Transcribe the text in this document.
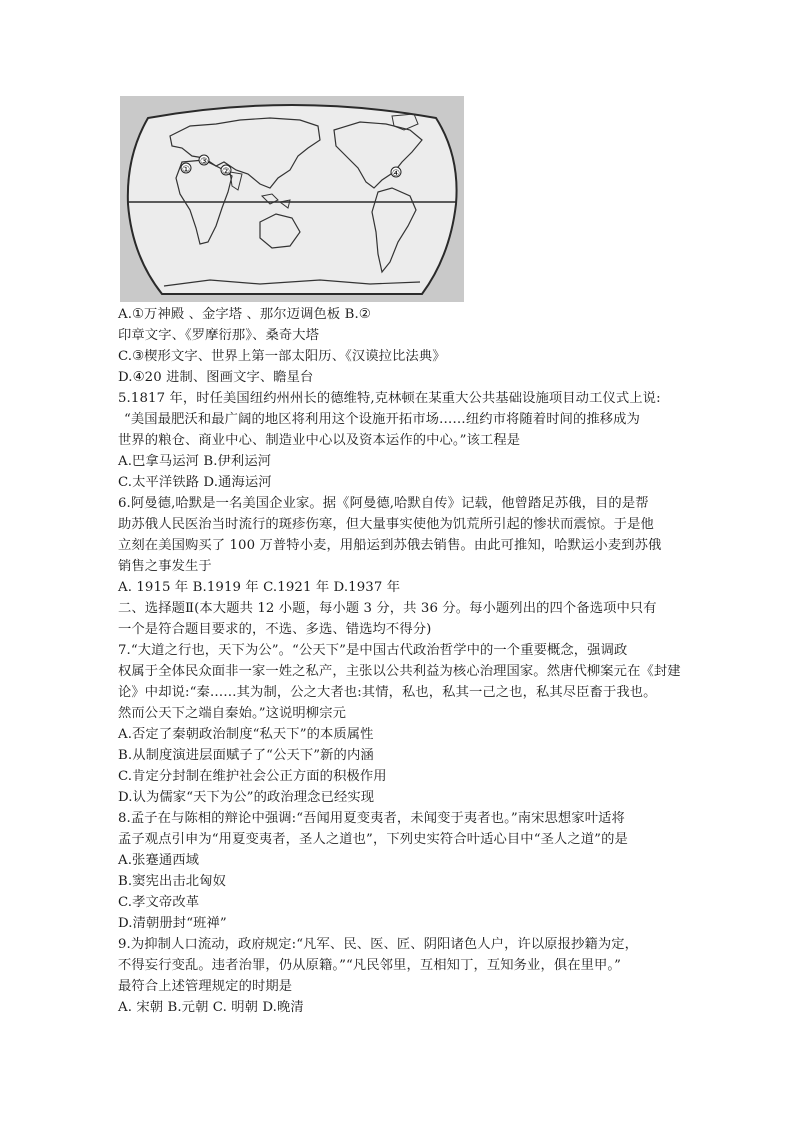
①
③
②	④
A.①万神殿 、金字塔 、那尔迈调色板 B.②
印章文字、《罗摩衍那》、桑奇大塔
C.③楔形文字、世界上第一部太阳历、《汉谟拉比法典》
D.④20 进制、图画文字、瞻星台
5.1817 年，时任美国纽约州州长的德维特,克林顿在某重大公共基础设施项目动工仪式上说:
“美国最肥沃和最广阔的地区将利用这个设施开拓市场……纽约市将随着时间的推移成为
世界的粮仓、商业中心、制造业中心以及资本运作的中心。”该工程是
A.巴拿马运河 B.伊利运河
C.太平洋铁路 D.通海运河
6.阿曼德,哈默是一名美国企业家。据《阿曼德,哈默自传》记载，他曾踏足苏俄，目的是帮
助苏俄人民医治当时流行的斑疹伤寒，但大量事实使他为饥荒所引起的惨状而震惊。于是他
立刻在美国购买了 100 万普特小麦，用船运到苏俄去销售。由此可推知，哈默运小麦到苏俄
销售之事发生于
A. 1915 年 B.1919 年 C.1921 年 D.1937 年
二、选择题Ⅱ(本大题共 12 小题，每小题 3 分，共 36 分。每小题列出的四个备选项中只有
一个是符合题目要求的，不选、多选、错选均不得分)
7.“大道之行也，天下为公”。“公天下”是中国古代政治哲学中的一个重要概念，强调政
权属于全体民众面非一家一姓之私产，主张以公共利益为核心治理国家。然唐代柳案元在《封建
论》中却说:“秦……其为制，公之大者也:其情，私也，私其一己之也，私其尽臣畜于我也。
然而公天下之端自秦始。”这说明柳宗元
A.否定了秦朝政治制度“私天下”的本质属性
B.从制度演进层面赋子了“公天下”新的内涵
C.肯定分封制在维护社会公正方面的积极作用
D.认为儒家“天下为公”的政治理念已经实现
8.孟子在与陈相的辩论中强调:“吾闻用夏变夷者，未闻变于夷者也。”南宋思想家叶适将
孟子观点引申为“用夏变夷者，圣人之道也”，下列史实符合叶适心目中“圣人之道”的是
A.张蹇通西域
B.窦宪出击北匈奴
C.孝文帝改革
D.清朝册封“班禅”
9.为抑制人口流动，政府规定:“凡军、民、医、匠、阴阳诸色人户，许以原报抄籍为定，
不得妄行变乱。违者治罪，仍从原籍。”“凡民邻里，互相知丁，互知务业，俱在里甲。”
最符合上述管理规定的时期是
A. 宋朝 B.元朝 C. 明朝 D.晚清
